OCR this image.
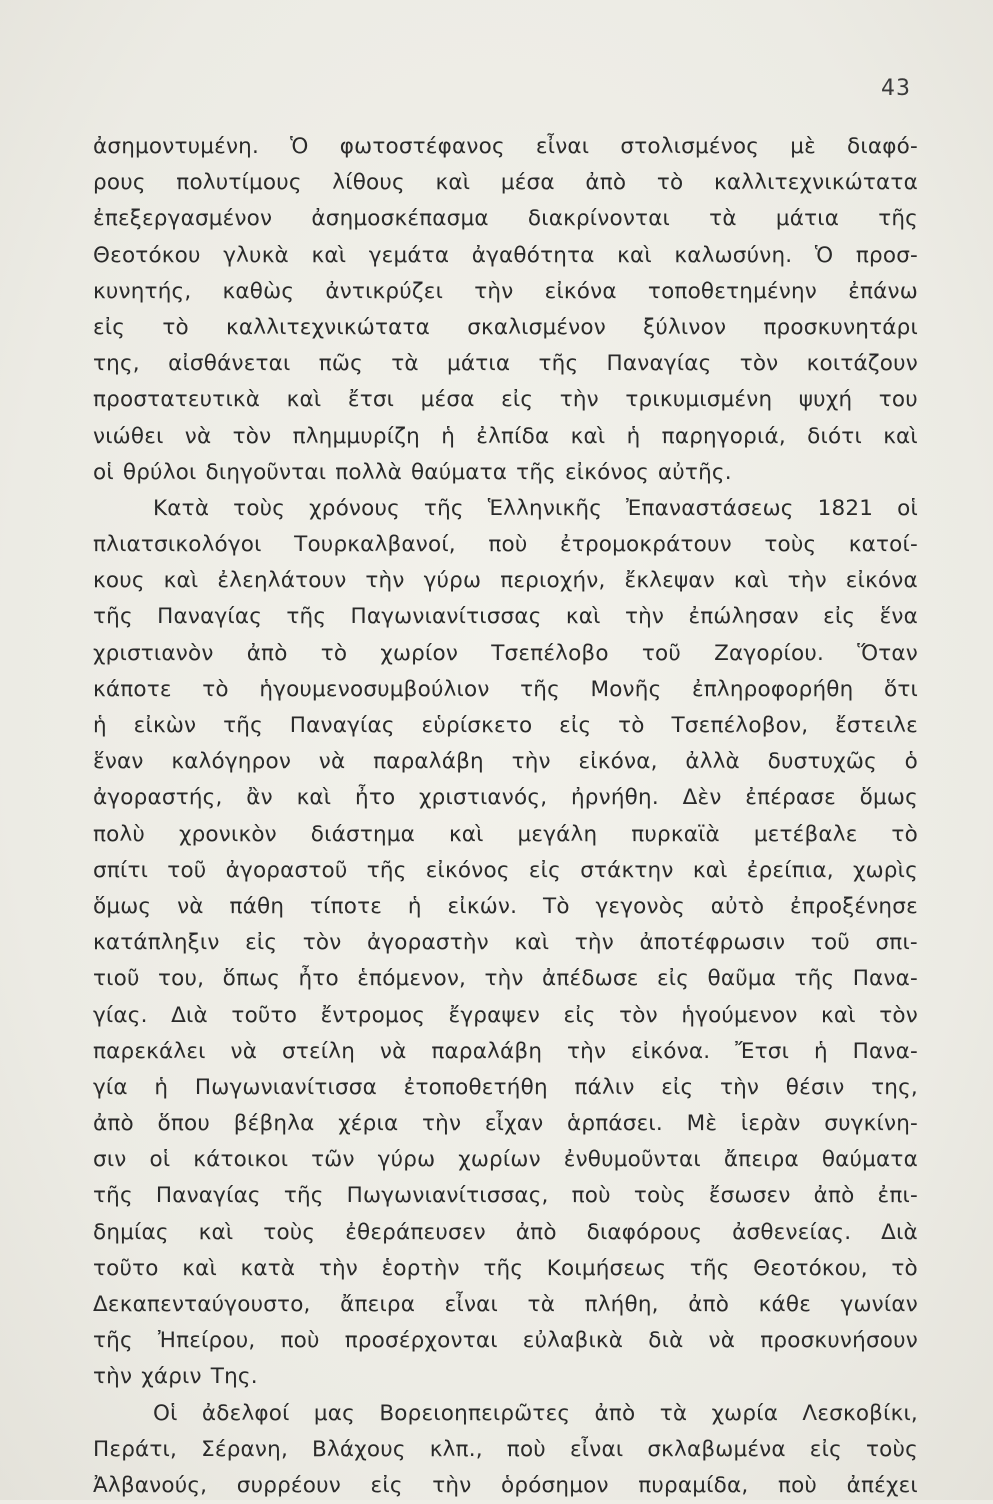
43
ἀσημοντυμένη. Ὁ φωτοστέφανος εἶναι στολισμένος μὲ διαφό-
ρους πολυτίμους λίθους καὶ μέσα ἀπὸ τὸ καλλιτεχνικώτατα
ἐπεξεργασμένον ἀσημοσκέπασμα διακρίνονται τὰ μάτια τῆς
Θεοτόκου γλυκὰ καὶ γεμάτα ἀγαθότητα καὶ καλωσύνη. Ὁ προσ-
κυνητής, καθὼς ἀντικρύζει τὴν εἰκόνα τοποθετημένην ἐπάνω
εἰς τὸ καλλιτεχνικώτατα σκαλισμένον ξύλινον προσκυνητάρι
της, αἰσθάνεται πῶς τὰ μάτια τῆς Παναγίας τὸν κοιτάζουν
προστατευτικὰ καὶ ἔτσι μέσα εἰς τὴν τρικυμισμένη ψυχή του
νιώθει νὰ τὸν πλημμυρίζη ἡ ἐλπίδα καὶ ἡ παρηγοριά, διότι καὶ
οἱ θρύλοι διηγοῦνται πολλὰ θαύματα τῆς εἰκόνος αὐτῆς.
Κατὰ τοὺς χρόνους τῆς Ἑλληνικῆς Ἐπαναστάσεως 1821 οἱ
πλιατσικολόγοι Τουρκαλβανοί, ποὺ ἐτρομοκράτουν τοὺς κατοί-
κους καὶ ἐλεηλάτουν τὴν γύρω περιοχήν, ἔκλεψαν καὶ τὴν εἰκόνα
τῆς Παναγίας τῆς Παγωνιανίτισσας καὶ τὴν ἐπώλησαν εἰς ἕνα
χριστιανὸν ἀπὸ τὸ χωρίον Τσεπέλοβο τοῦ Ζαγορίου. Ὅταν
κάποτε τὸ ἡγουμενοσυμβούλιον τῆς Μονῆς ἐπληροφορήθη ὅτι
ἡ εἰκὼν τῆς Παναγίας εὑρίσκετο εἰς τὸ Τσεπέλοβον, ἔστειλε
ἕναν καλόγηρον νὰ παραλάβη τὴν εἰκόνα, ἀλλὰ δυστυχῶς ὁ
ἀγοραστής, ἂν καὶ ἦτο χριστιανός, ἠρνήθη. Δὲν ἐπέρασε ὅμως
πολὺ χρονικὸν διάστημα καὶ μεγάλη πυρκαϊὰ μετέβαλε τὸ
σπίτι τοῦ ἀγοραστοῦ τῆς εἰκόνος εἰς στάκτην καὶ ἐρείπια, χωρὶς
ὅμως νὰ πάθη τίποτε ἡ εἰκών. Τὸ γεγονὸς αὐτὸ ἐπροξένησε
κατάπληξιν εἰς τὸν ἀγοραστὴν καὶ τὴν ἀποτέφρωσιν τοῦ σπι-
τιοῦ του, ὅπως ἦτο ἑπόμενον, τὴν ἀπέδωσε εἰς θαῦμα τῆς Πανα-
γίας. Διὰ τοῦτο ἔντρομος ἔγραψεν εἰς τὸν ἡγούμενον καὶ τὸν
παρεκάλει νὰ στείλη νὰ παραλάβη τὴν εἰκόνα. Ἔτσι ἡ Πανα-
γία ἡ Πωγωνιανίτισσα ἐτοποθετήθη πάλιν εἰς τὴν θέσιν της,
ἀπὸ ὅπου βέβηλα χέρια τὴν εἶχαν ἁρπάσει. Μὲ ἱερὰν συγκίνη-
σιν οἱ κάτοικοι τῶν γύρω χωρίων ἐνθυμοῦνται ἄπειρα θαύματα
τῆς Παναγίας τῆς Πωγωνιανίτισσας, ποὺ τοὺς ἔσωσεν ἀπὸ ἐπι-
δημίας καὶ τοὺς ἐθεράπευσεν ἀπὸ διαφόρους ἀσθενείας. Διὰ
τοῦτο καὶ κατὰ τὴν ἑορτὴν τῆς Κοιμήσεως τῆς Θεοτόκου, τὸ
Δεκαπενταύγουστο, ἄπειρα εἶναι τὰ πλήθη, ἀπὸ κάθε γωνίαν
τῆς Ἠπείρου, ποὺ προσέρχονται εὐλαβικὰ διὰ νὰ προσκυνήσουν
τὴν χάριν Της.
Οἱ ἀδελφοί μας Βορειοηπειρῶτες ἀπὸ τὰ χωρία Λεσκοβίκι,
Περάτι, Σέρανη, Βλάχους κλπ., ποὺ εἶναι σκλαβωμένα εἰς τοὺς
Ἀλβανούς, συρρέουν εἰς τὴν ὁρόσημον πυραμίδα, ποὺ ἀπέχει
